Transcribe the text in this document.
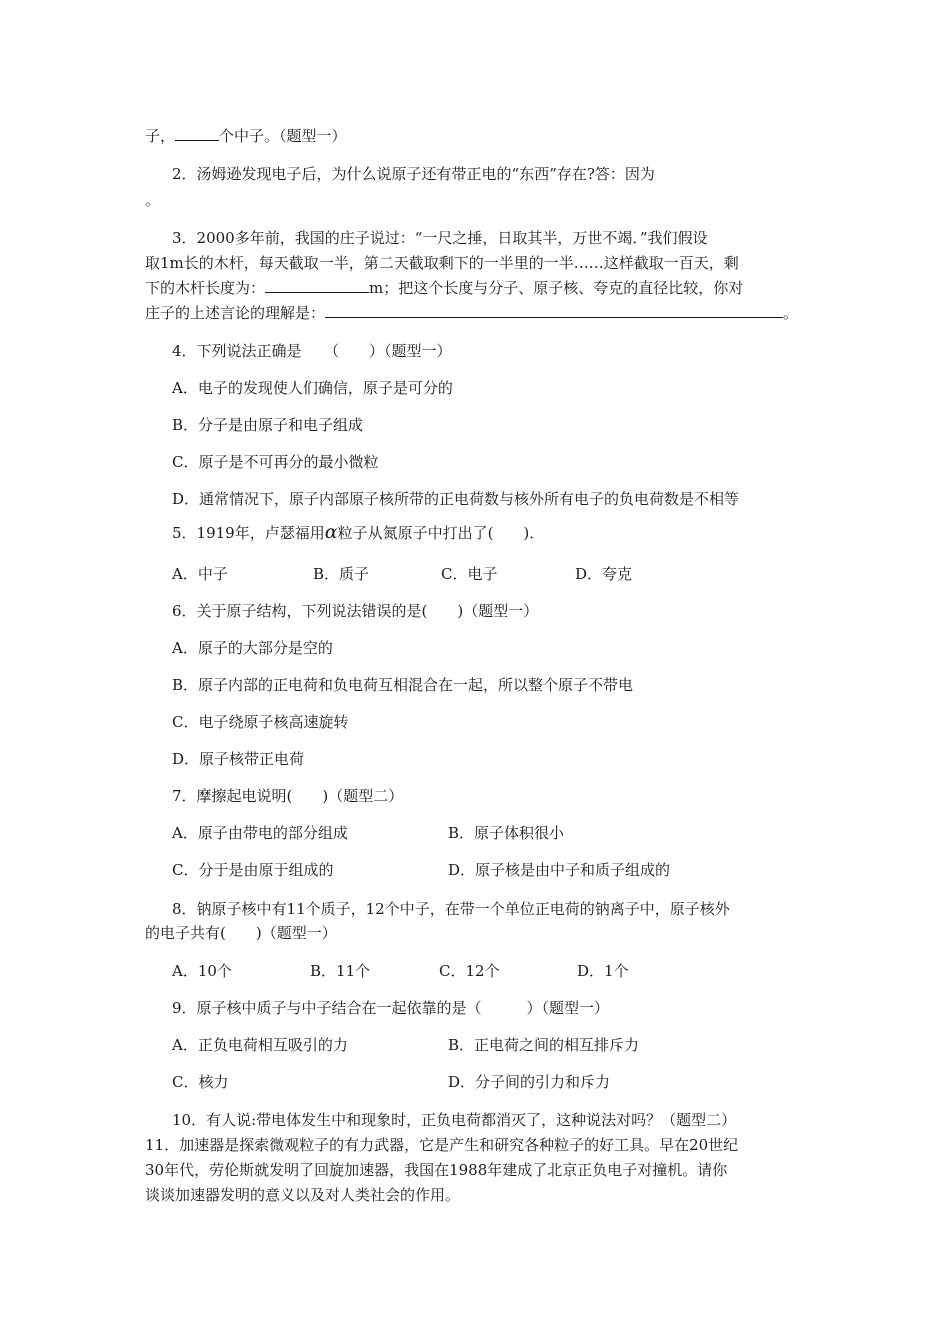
子，	个中子。（题型一）
2．汤姆逊发现电子后，为什么说原子还有带正电的“东西”存在?答：因为
。
3．2000多年前，我国的庄子说过：“一尺之捶，日取其半，万世不竭．”我们假设
取1m长的木杆，每天截取一半，第二天截取剩下的一半里的一半……这样截取一百天，剩
下的木杆长度为：	m；把这个长度与分子、原子核、夸克的直径比较，你对
庄子的上述言论的理解是：	。
4．下列说法正确是　　（　　）（题型一）
A．电子的发现使人们确信，原子是可分的
B．分子是由原子和电子组成
C．原子是不可再分的最小微粒
D．通常情况下，原子内部原子核所带的正电荷数与核外所有电子的负电荷数是不相等
5．1919年，卢瑟福用α粒子从氮原子中打出了(　　)．
A．中子	B．质子	C．电子	D．夸克
6．关于原子结构，下列说法错误的是(　　)（题型一）
A．原子的大部分是空的
B．原子内部的正电荷和负电荷互相混合在一起，所以整个原子不带电
C．电子绕原子核高速旋转
D．原子核带正电荷
7．摩擦起电说明(　　)（题型二）
A．原子由带电的部分组成	B．原子体积很小
C．分于是由原于组成的	D．原子核是由中子和质子组成的
8．钠原子核中有11个质子，12个中子，在带一个单位正电荷的钠离子中，原子核外
的电子共有(　　)（题型一）
A．10个	B．11个	C．12个	D．1个
9．原子核中质子与中子结合在一起依靠的是（　　　）（题型一）
A．正负电荷相互吸引的力	B．正电荷之间的相互排斥力
C．核力	D．分子间的引力和斥力
10．有人说:带电体发生中和现象时，正负电荷都消灭了，这种说法对吗？（题型二）
11．加速器是探索微观粒子的有力武器，它是产生和研究各种粒子的好工具。早在20世纪
30年代，劳伦斯就发明了回旋加速器，我国在1988年建成了北京正负电子对撞机。请你
谈谈加速器发明的意义以及对人类社会的作用。
